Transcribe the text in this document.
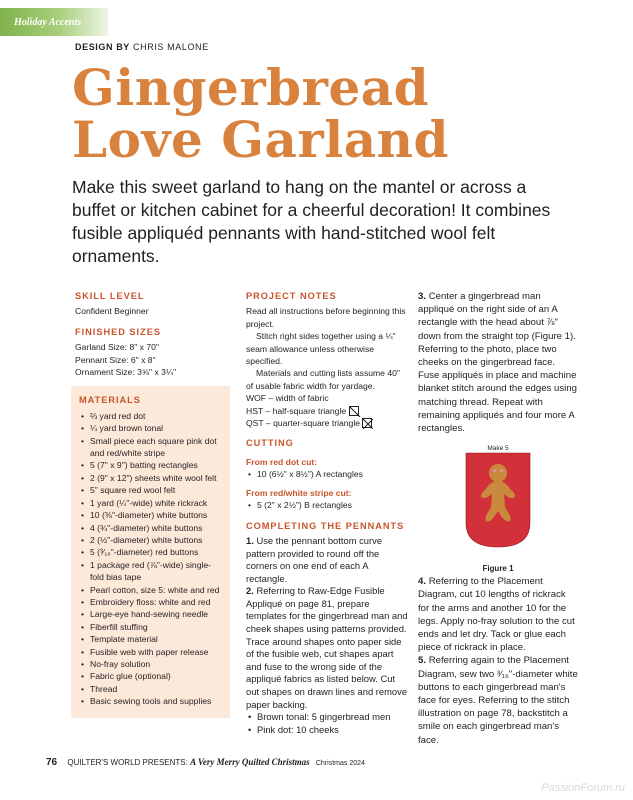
Holiday Accents
DESIGN BY CHRIS MALONE
Gingerbread
Love Garland
Make this sweet garland to hang on the mantel or across a buffet or kitchen cabinet for a cheerful decoration! It combines fusible appliquéd pennants with hand-stitched wool felt ornaments.
SKILL LEVEL
Confident Beginner
FINISHED SIZES
Garland Size: 8" x 70"
Pennant Size: 6" x 8"
Ornament Size: 3⅝" x 3¼"
MATERIALS
• ⅔ yard red dot
• ¼ yard brown tonal
• Small piece each square pink dot and red/white stripe
• 5 (7" x 9") batting rectangles
• 2 (9" x 12") sheets white wool felt
• 5" square red wool felt
• 1 yard (¼"-wide) white rickrack
• 10 (⅜"-diameter) white buttons
• 4 (¾"-diameter) white buttons
• 2 (½"-diameter) white buttons
• 5 (³⁄₁₆"-diameter) red buttons
• 1 package red (⅞"-wide) single-fold bias tape
• Pearl cotton, size 5: white and red
• Embroidery floss: white and red
• Large-eye hand-sewing needle
• Fiberfill stuffing
• Template material
• Fusible web with paper release
• No-fray solution
• Fabric glue (optional)
• Thread
• Basic sewing tools and supplies
PROJECT NOTES

Read all instructions before beginning this project.

Stitch right sides together using a ¼" seam allowance unless otherwise specified.

Materials and cutting lists assume 40" of usable fabric width for yardage.

WOF – width of fabric

HST – half-square triangle

QST – quarter-square triangle

CUTTING
From red dot cut:
• 10 (6½" x 8½") A rectangles
From red/white stripe cut:
• 5 (2" x 2½") B rectangles
COMPLETING THE PENNANTS

1. Use the pennant bottom curve pattern provided to round off the corners on one end of each A rectangle.

2. Referring to Raw-Edge Fusible Appliqué on page 81, prepare templates for the gingerbread man and cheek shapes using patterns provided. Trace around shapes onto paper side of the fusible web, cut shapes apart and fuse to the wrong side of the appliqué fabrics as listed below. Cut out shapes on drawn lines and remove paper backing.

• Brown tonal: 5 gingerbread men
• Pink dot: 10 cheeks

3. Center a gingerbread man appliqué on the right side of an A rectangle with the head about ⅞" down from the straight top (Figure 1). Referring to the photo, place two cheeks on the gingerbread face. Fuse appliqués in place and machine blanket stitch around the edges using matching thread. Repeat with remaining appliqués and four more A rectangles.

Make 5
Figure 1

4. Referring to the Placement Diagram, cut 10 lengths of rickrack for the arms and another 10 for the legs. Apply no-fray solution to the cut ends and let dry. Tack or glue each piece of rickrack in place.

5. Referring again to the Placement Diagram, sew two ³⁄₁₆"-diameter white buttons to each gingerbread man's face for eyes. Referring to the stitch illustration on page 78, backstitch a smile on each gingerbread man's face.

76 QUILTER'S WORLD PRESENTS: A Very Merry Quilted Christmas Christmas 2024
PassionForum.ru
